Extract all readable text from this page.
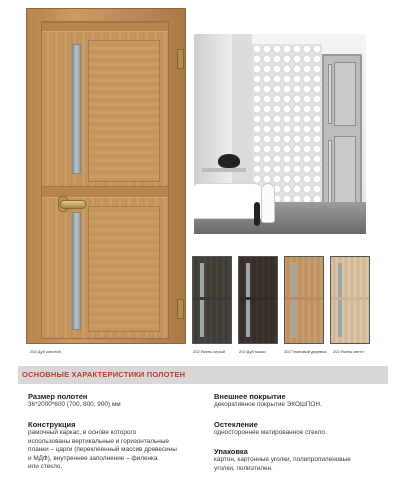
202 Дуб золотой	202 Ясень серый	202 Дуб мокко	202 Темновой деревья 202 Ясень светл
ОСНОВНЫЕ ХАРАКТЕРИСТИКИ ПОЛОТЕН
Размер полотен
36*2000*600 (700, 800, 900) мм
Конструкция
рамочный каркас, в основе которого
использованы вертикальные и горизонтальные
планки – царги (переклеенный массив древесины
и МДФ), внутреннее заполнение – филенка
или стекло.
Внешнее покрытие
декоративное покрытие ЭКОШПОН.
Остекление
одностороннее матированное стекло.
Упаковка
картон, картонные уголки, полипропиленовые
уголки, полиэтилен.
